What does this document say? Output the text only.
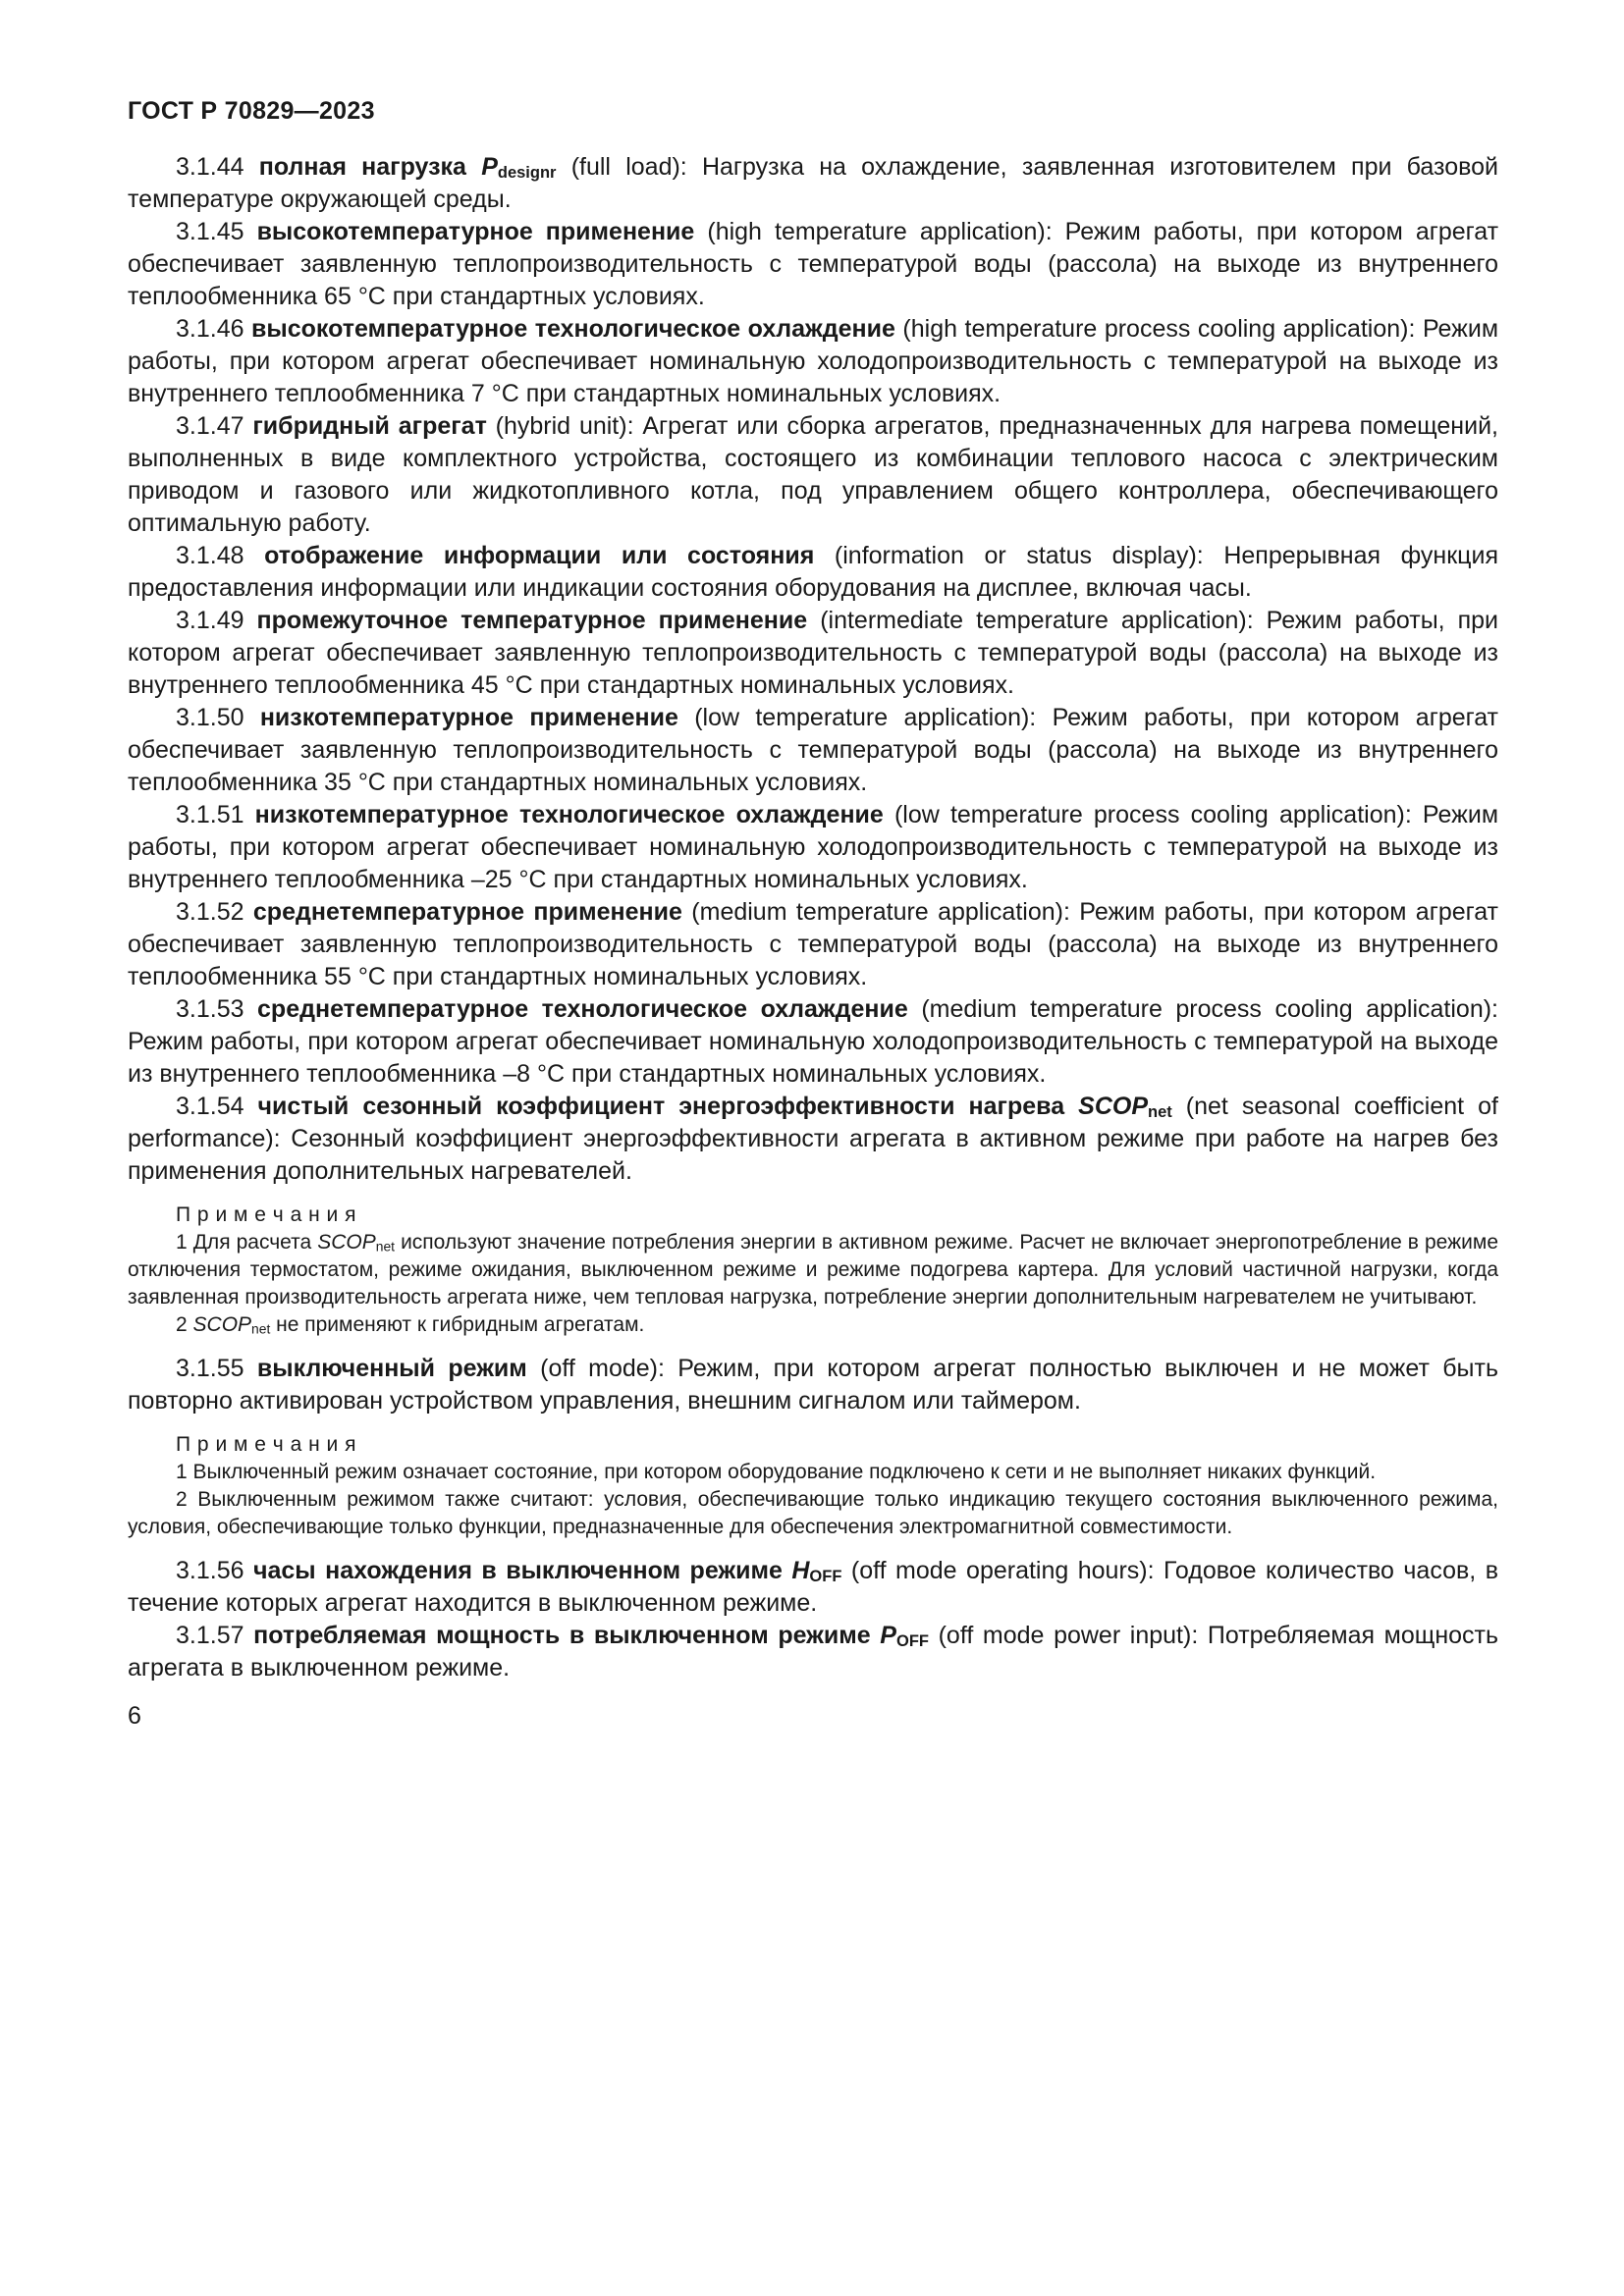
ГОСТ Р 70829—2023

3.1.44 полная нагрузка $P_{designr}$ (full load): Нагрузка на охлаждение, заявленная изготовителем при базовой температуре окружающей среды.

3.1.45 высокотемпературное применение (high temperature application): Режим работы, при котором агрегат обеспечивает заявленную теплопроизводительность с температурой воды (рассола) на выходе из внутреннего теплообменника 65 °С при стандартных условиях.

3.1.46 высокотемпературное технологическое охлаждение (high temperature process cooling application): Режим работы, при котором агрегат обеспечивает номинальную холодопроизводительность с температурой на выходе из внутреннего теплообменника 7 °С при стандартных номинальных условиях.

3.1.47 гибридный агрегат (hybrid unit): Агрегат или сборка агрегатов, предназначенных для нагрева помещений, выполненных в виде комплектного устройства, состоящего из комбинации теплового насоса с электрическим приводом и газового или жидкотопливного котла, под управлением общего контроллера, обеспечивающего оптимальную работу.

3.1.48 отображение информации или состояния (information or status display): Непрерывная функция предоставления информации или индикации состояния оборудования на дисплее, включая часы.

3.1.49 промежуточное температурное применение (intermediate temperature application): Режим работы, при котором агрегат обеспечивает заявленную теплопроизводительность с температурой воды (рассола) на выходе из внутреннего теплообменника 45 °С при стандартных номинальных условиях.

3.1.50 низкотемпературное применение (low temperature application): Режим работы, при котором агрегат обеспечивает заявленную теплопроизводительность с температурой воды (рассола) на выходе из внутреннего теплообменника 35 °С при стандартных номинальных условиях.

3.1.51 низкотемпературное технологическое охлаждение (low temperature process cooling application): Режим работы, при котором агрегат обеспечивает номинальную холодопроизводительность с температурой на выходе из внутреннего теплообменника –25 °С при стандартных номинальных условиях.

3.1.52 среднетемпературное применение (medium temperature application): Режим работы, при котором агрегат обеспечивает заявленную теплопроизводительность с температурой воды (рассола) на выходе из внутреннего теплообменника 55 °С при стандартных номинальных условиях.

3.1.53 среднетемпературное технологическое охлаждение (medium temperature process cooling application): Режим работы, при котором агрегат обеспечивает номинальную холодопроизводительность с температурой на выходе из внутреннего теплообменника –8 °С при стандартных номинальных условиях.

3.1.54 чистый сезонный коэффициент энергоэффективности нагрева $SCOP_{net}$ (net seasonal coefficient of performance): Сезонный коэффициент энергоэффективности агрегата в активном режиме при работе на нагрев без применения дополнительных нагревателей.

П р и м е ч а н и я

1 Для расчета $SCOP_{net}$ используют значение потребления энергии в активном режиме. Расчет не включает энергопотребление в режиме отключения термостатом, режиме ожидания, выключенном режиме и режиме подогрева картера. Для условий частичной нагрузки, когда заявленная производительность агрегата ниже, чем тепловая нагрузка, потребление энергии дополнительным нагревателем не учитывают.

2 $SCOP_{net}$ не применяют к гибридным агрегатам.

3.1.55 выключенный режим (off mode): Режим, при котором агрегат полностью выключен и не может быть повторно активирован устройством управления, внешним сигналом или таймером.

П р и м е ч а н и я

1 Выключенный режим означает состояние, при котором оборудование подключено к сети и не выполняет никаких функций.

2 Выключенным режимом также считают: условия, обеспечивающие только индикацию текущего состояния выключенного режима, условия, обеспечивающие только функции, предназначенные для обеспечения электромагнитной совместимости.

3.1.56 часы нахождения в выключенном режиме $H_{OFF}$ (off mode operating hours): Годовое количество часов, в течение которых агрегат находится в выключенном режиме.

3.1.57 потребляемая мощность в выключенном режиме $P_{OFF}$ (off mode power input): Потребляемая мощность агрегата в выключенном режиме.

6
